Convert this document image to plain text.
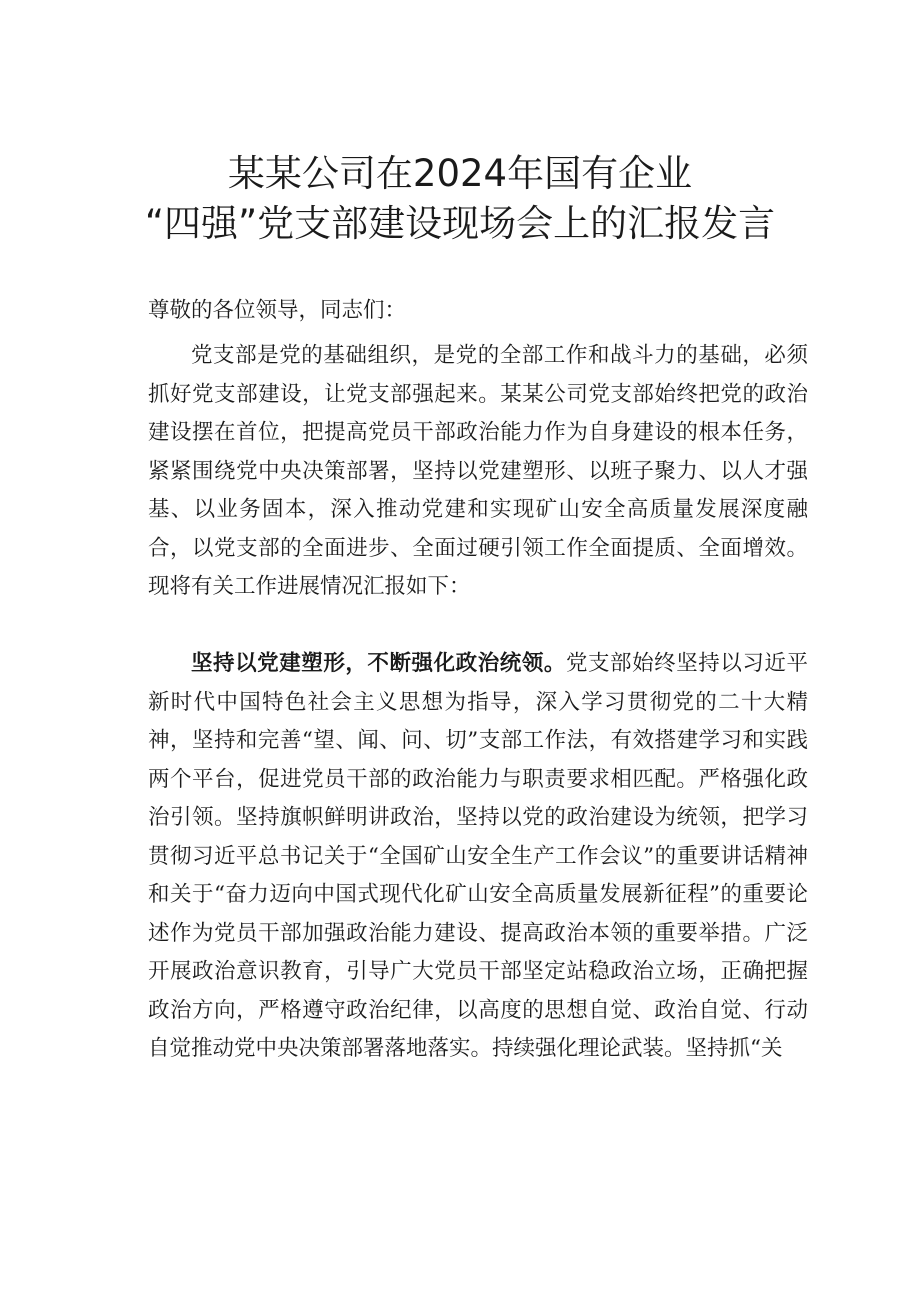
某某公司在2024年国有企业
“四强”党支部建设现场会上的汇报发言
尊敬的各位领导，同志们：

党支部是党的基础组织，是党的全部工作和战斗力的基础，必须抓好党支部建设，让党支部强起来。某某公司党支部始终把党的政治建设摆在首位，把提高党员干部政治能力作为自身建设的根本任务，紧紧围绕党中央决策部署，坚持以党建塑形、以班子聚力、以人才强基、以业务固本，深入推动党建和实现矿山安全高质量发展深度融合，以党支部的全面进步、全面过硬引领工作全面提质、全面增效。现将有关工作进展情况汇报如下：

坚持以党建塑形，不断强化政治统领。党支部始终坚持以习近平新时代中国特色社会主义思想为指导，深入学习贯彻党的二十大精神，坚持和完善“望、闻、问、切”支部工作法，有效搭建学习和实践两个平台，促进党员干部的政治能力与职责要求相匹配。严格强化政治引领。坚持旗帜鲜明讲政治，坚持以党的政治建设为统领，把学习贯彻习近平总书记关于“全国矿山安全生产工作会议”的重要讲话精神和关于“奋力迈向中国式现代化矿山安全高质量发展新征程”的重要论述作为党员干部加强政治能力建设、提高政治本领的重要举措。广泛开展政治意识教育，引导广大党员干部坚定站稳政治立场，正确把握政治方向，严格遵守政治纪律，以高度的思想自觉、政治自觉、行动自觉推动党中央决策部署落地落实。持续强化理论武装。坚持抓“关
